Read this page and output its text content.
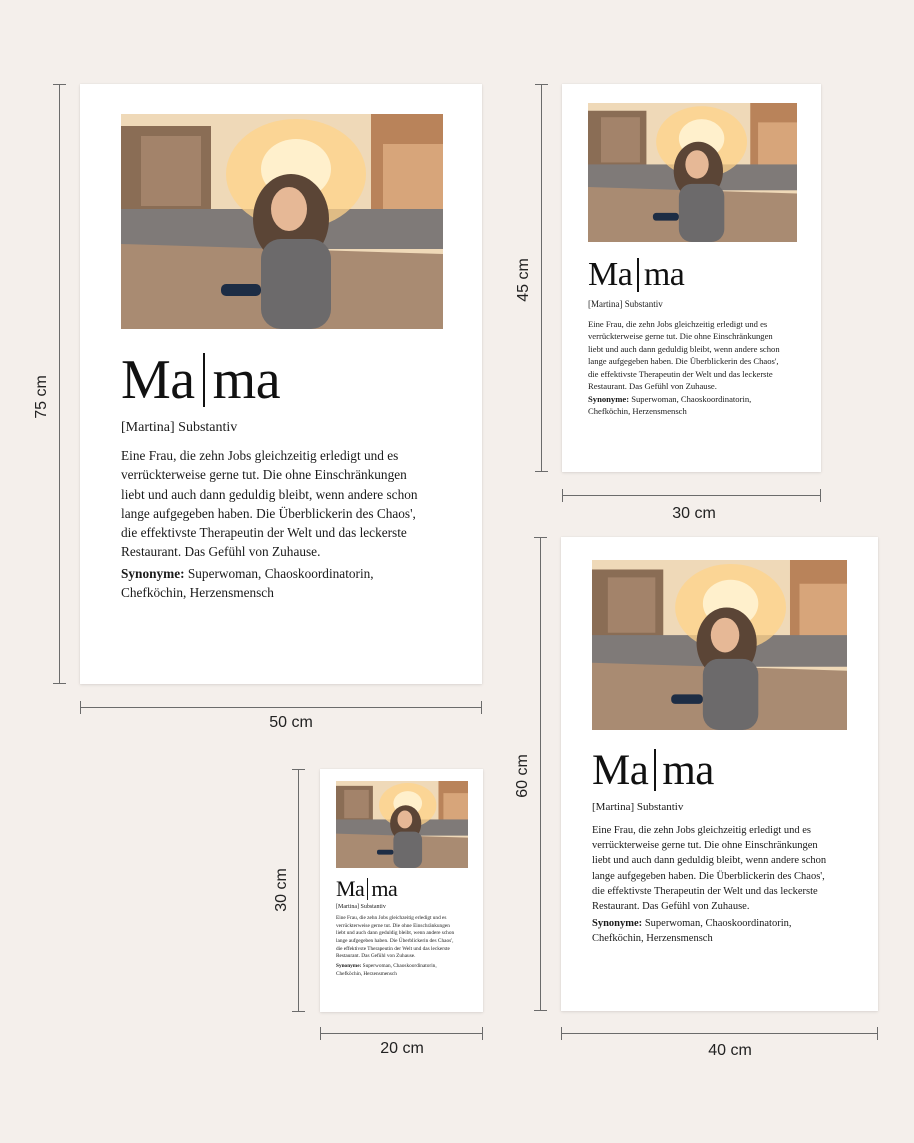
Ma ma
[Martina] Substantiv
Eine Frau, die zehn Jobs gleichzeitig erledigt und es
verrückterweise gerne tut. Die ohne Einschränkungen
liebt und auch dann geduldig bleibt, wenn andere schon
lange aufgegeben haben. Die Überblickerin des Chaos',
die effektivste Therapeutin der Welt und das leckerste
Restaurant. Das Gefühl von Zuhause.
Synonyme: Superwoman, Chaoskoordinatorin,
Chefköchin, Herzensmensch
75 cm
50 cm
Ma ma
[Martina] Substantiv
Eine Frau, die zehn Jobs gleichzeitig erledigt und es
verrückterweise gerne tut. Die ohne Einschränkungen
liebt und auch dann geduldig bleibt, wenn andere schon
lange aufgegeben haben. Die Überblickerin des Chaos',
die effektivste Therapeutin der Welt und das leckerste
Restaurant. Das Gefühl von Zuhause.
Synonyme: Superwoman, Chaoskoordinatorin,
Chefköchin, Herzensmensch
45 cm
30 cm
Ma ma
[Martina] Substantiv
Eine Frau, die zehn Jobs gleichzeitig erledigt und es
verrückterweise gerne tut. Die ohne Einschränkungen
liebt und auch dann geduldig bleibt, wenn andere schon
lange aufgegeben haben. Die Überblickerin des Chaos',
die effektivste Therapeutin der Welt und das leckerste
Restaurant. Das Gefühl von Zuhause.
Synonyme: Superwoman, Chaoskoordinatorin,
Chefköchin, Herzensmensch
60 cm
40 cm
Ma ma
[Martina] Substantiv
Eine Frau, die zehn Jobs gleichzeitig erledigt und es
verrückterweise gerne tut. Die ohne Einschränkungen
liebt und auch dann geduldig bleibt, wenn andere schon
lange aufgegeben haben. Die Überblickerin des Chaos',
die effektivste Therapeutin der Welt und das leckerste
Restaurant. Das Gefühl von Zuhause.
Synonyme: Superwoman, Chaoskoordinatorin,
Chefköchin, Herzensmensch
30 cm
20 cm
